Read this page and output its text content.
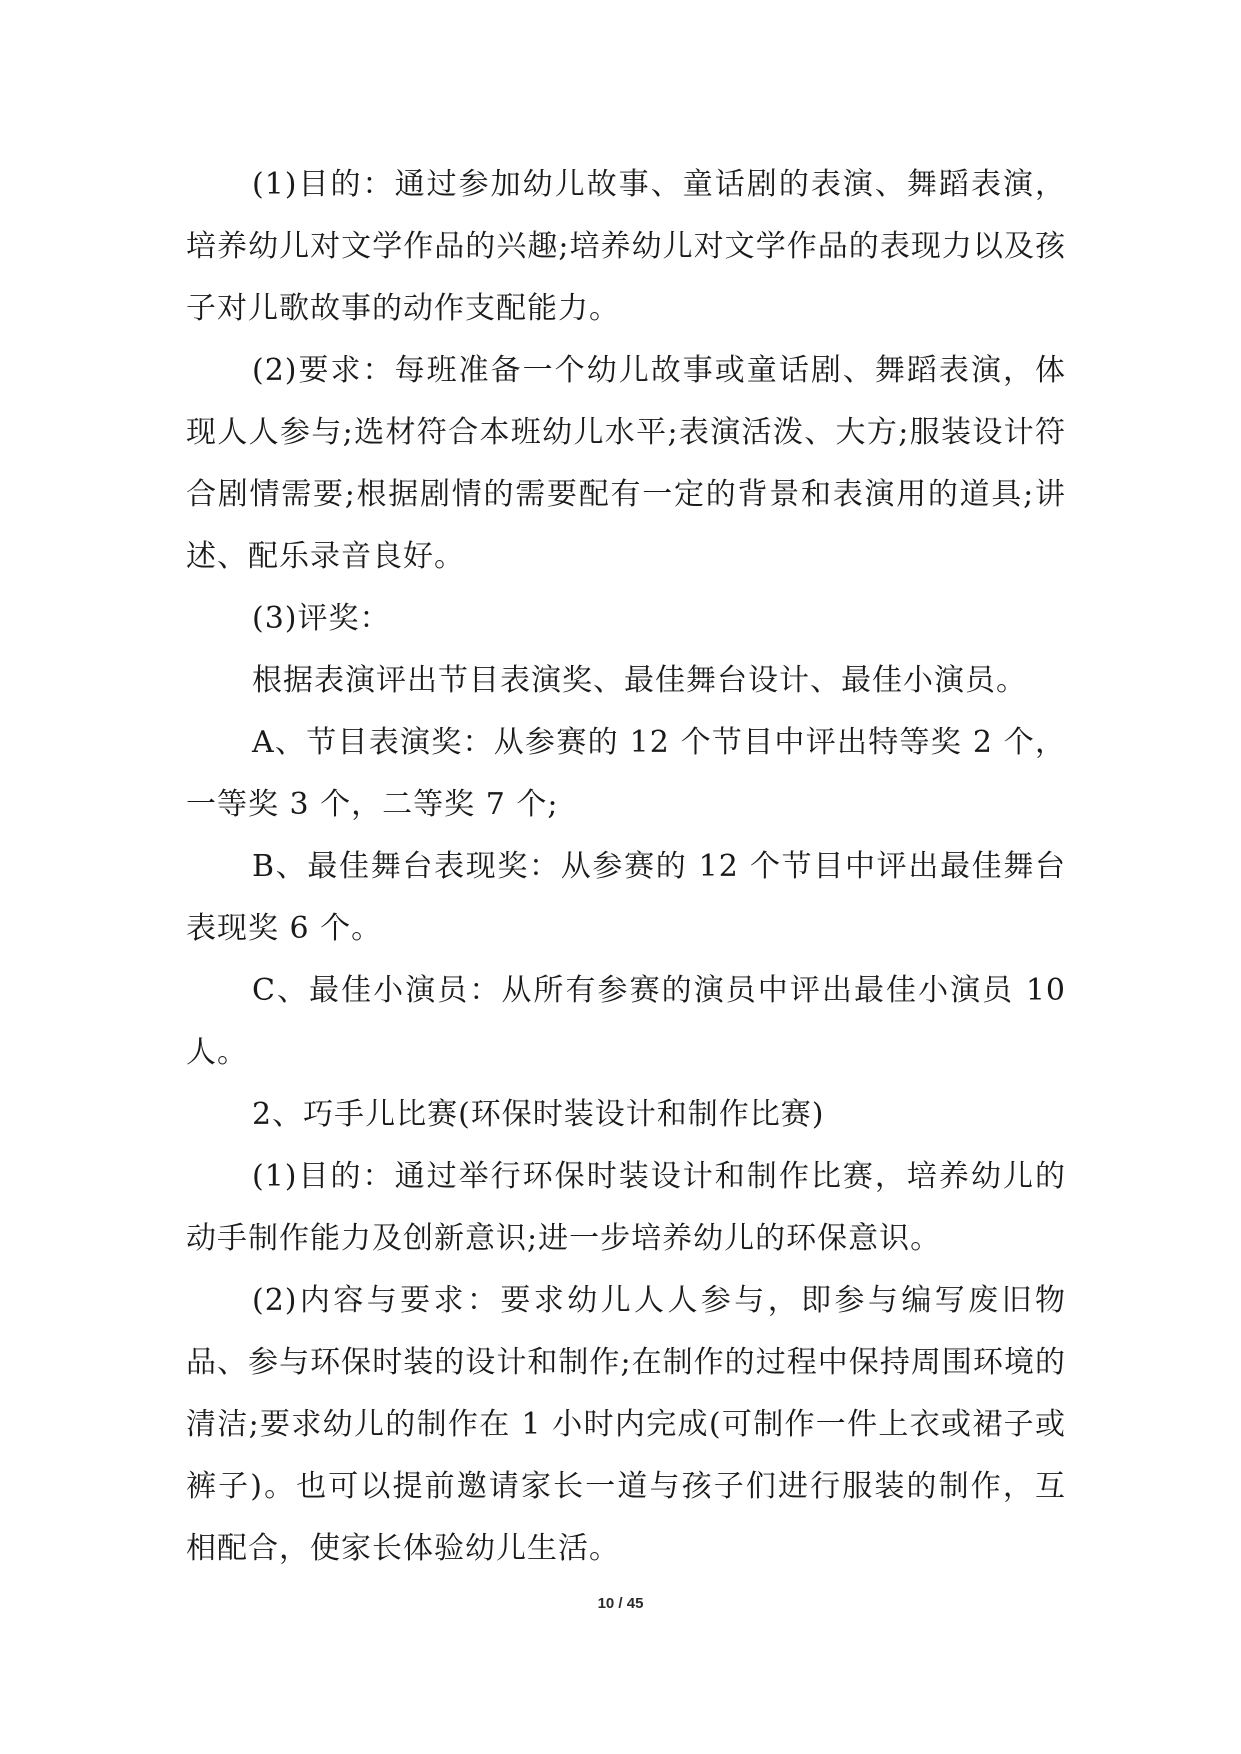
(1)目的：通过参加幼儿故事、童话剧的表演、舞蹈表演，培养幼儿对文学作品的兴趣;培养幼儿对文学作品的表现力以及孩子对儿歌故事的动作支配能力。

(2)要求：每班准备一个幼儿故事或童话剧、舞蹈表演，体现人人参与;选材符合本班幼儿水平;表演活泼、大方;服装设计符合剧情需要;根据剧情的需要配有一定的背景和表演用的道具;讲述、配乐录音良好。

(3)评奖：

根据表演评出节目表演奖、最佳舞台设计、最佳小演员。

A、节目表演奖：从参赛的 12 个节目中评出特等奖 2 个，一等奖 3 个，二等奖 7 个;

B、最佳舞台表现奖：从参赛的 12 个节目中评出最佳舞台表现奖 6 个。

C、最佳小演员：从所有参赛的演员中评出最佳小演员 10 人。

2、巧手儿比赛(环保时装设计和制作比赛)

(1)目的：通过举行环保时装设计和制作比赛，培养幼儿的动手制作能力及创新意识;进一步培养幼儿的环保意识。

(2)内容与要求：要求幼儿人人参与，即参与编写废旧物品、参与环保时装的设计和制作;在制作的过程中保持周围环境的清洁;要求幼儿的制作在 1 小时内完成(可制作一件上衣或裙子或裤子)。也可以提前邀请家长一道与孩子们进行服装的制作，互相配合，使家长体验幼儿生活。

10 / 45
